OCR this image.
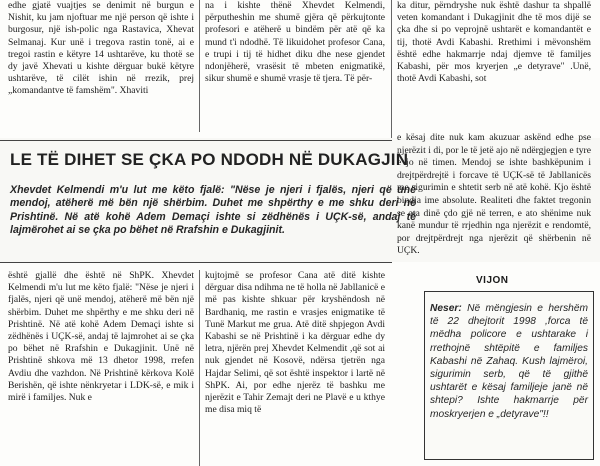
edhe gjatë vuajtjes se denimit në burgun e Nishit, ku jam njoftuar me një person që ishte i burgosur, një ish-polic nga Rastavica, Xhevat Selmanaj. Kur unë i tregova rastin tonë, ai e tregoi rastin e këtyre 14 ushtarëve, ku thotë se dy javë Xhevati u kishte dërguar bukë këtyre ushtarëve, të cilët ishin në rrezik, prej „komandantve të famshëm". Xhaviti

na i kishte thënë Xhevdet Kelmendi, përputheshin me shumë gjëra që përkujtonte profesori e atëherë u bindëm për atë që ka mund t'i ndodhë. Të likuidohet profesor Cana, e trupi i tij të hidhet diku dhe nese gjendet ndonjëherë, vrasësit të mbeten enigmatikë, sikur shumë e shumë vrasje të tjera. Të për-

ka ditur, përndryshe nuk është dashur ta shpallë veten komandant i Dukagjinit dhe të mos dijë se çka dhe si po veprojnë ushtarët e komandantët e tij, thotë Avdi Kabashi. Rrethimi i mëvonshëm është edhe hakmarrje ndaj djemve të familjes Kabashi, për mos kryerjen „e detyrave" .Unë, thotë Avdi Kabashi, sot

LE TË DIHET SE ÇKA PO NDODH NË DUKAGJIN
Xhevdet Kelmendi m'u lut me këto fjalë: "Nëse je njeri i fjalës, njeri që unë mendoj, atëherë më bën një shërbim. Duhet me shpërthy e me shku deri në Prishtinë. Në atë kohë Adem Demaçi ishte si zëdhënës i UÇK-së, andaj të lajmërohet ai se çka po bëhet në Rrafshin e Dukagjinit.

është gjallë dhe është në ShPK. Xhevdet Kelmendi m'u lut me këto fjalë: "Nëse je njeri i fjalës, njeri që unë mendoj, atëherë më bën një shërbim. Duhet me shpërthy e me shku deri në Prishtinë. Në atë kohë Adem Demaçi ishte si zëdhënës i UÇK-së, andaj të lajmrohet ai se çka po bëhet në Rrafshin e Dukagjinit. Unë në Prishtinë shkova më 13 dhetor 1998, rrefen Avdiu dhe vazhdon. Në Prishtinë kërkova Kolë Berishën, që ishte nënkryetar i LDK-së, e mik i mirë i familjes. Nuk e

kujtojmë se profesor Cana atë ditë kishte dërguar disa ndihma ne të holla në Jabllanicë e më pas kishte shkuar për kryshëndosh në Bardhaniq, me rastin e vrasjes enigmatike të Tunë Markut me grua. Atë ditë shpjegon Avdi Kabashi se në Prishtinë i ka dërguar edhe dy letra, njërën prej Xhevdet Kelmendit ,që sot ai nuk gjendet në Kosovë, ndërsa tjetrën nga Hajdar Selimi, që sot është inspektor i lartë në ShPK. Ai, por edhe njerëz të bashku me njerëzit e Tahir Zemajt deri ne Plavë e u kthye me disa miq të

e kësaj dite nuk kam akuzuar askënd edhe pse njerëzit i di, por le të jetë ajo në ndërgjegjen e tyre e jo në timen. Mendoj se ishte bashkëpunim i drejtpërdrejtë i forcave të UÇK-së të Jabllanicës me sigurimin e shtetit serb në atë kohë. Kjo është bindja ime absolute. Realiteti dhe faktet tregonin se ata dinë çdo gjë në terren, e ato shënime nuk kanë mundur të rrjedhin nga njerëzit e rendomtë, por drejtpërdrejt nga njerëzit që shërbenin në UÇK.

VIJON
Neser: Në mëngjesin e hershëm të 22 dhejtorit 1998 ,forca të mëdha policore e ushtarake i rrethojnë shtëpitë e familjes Kabashi në Zahaq. Kush lajmëroi, sigurimin serb, që të gjithë ushtarët e kësaj familjeje janë në shtepi? Ishte hakmarrje për moskryerjen e „detyrave"!!
